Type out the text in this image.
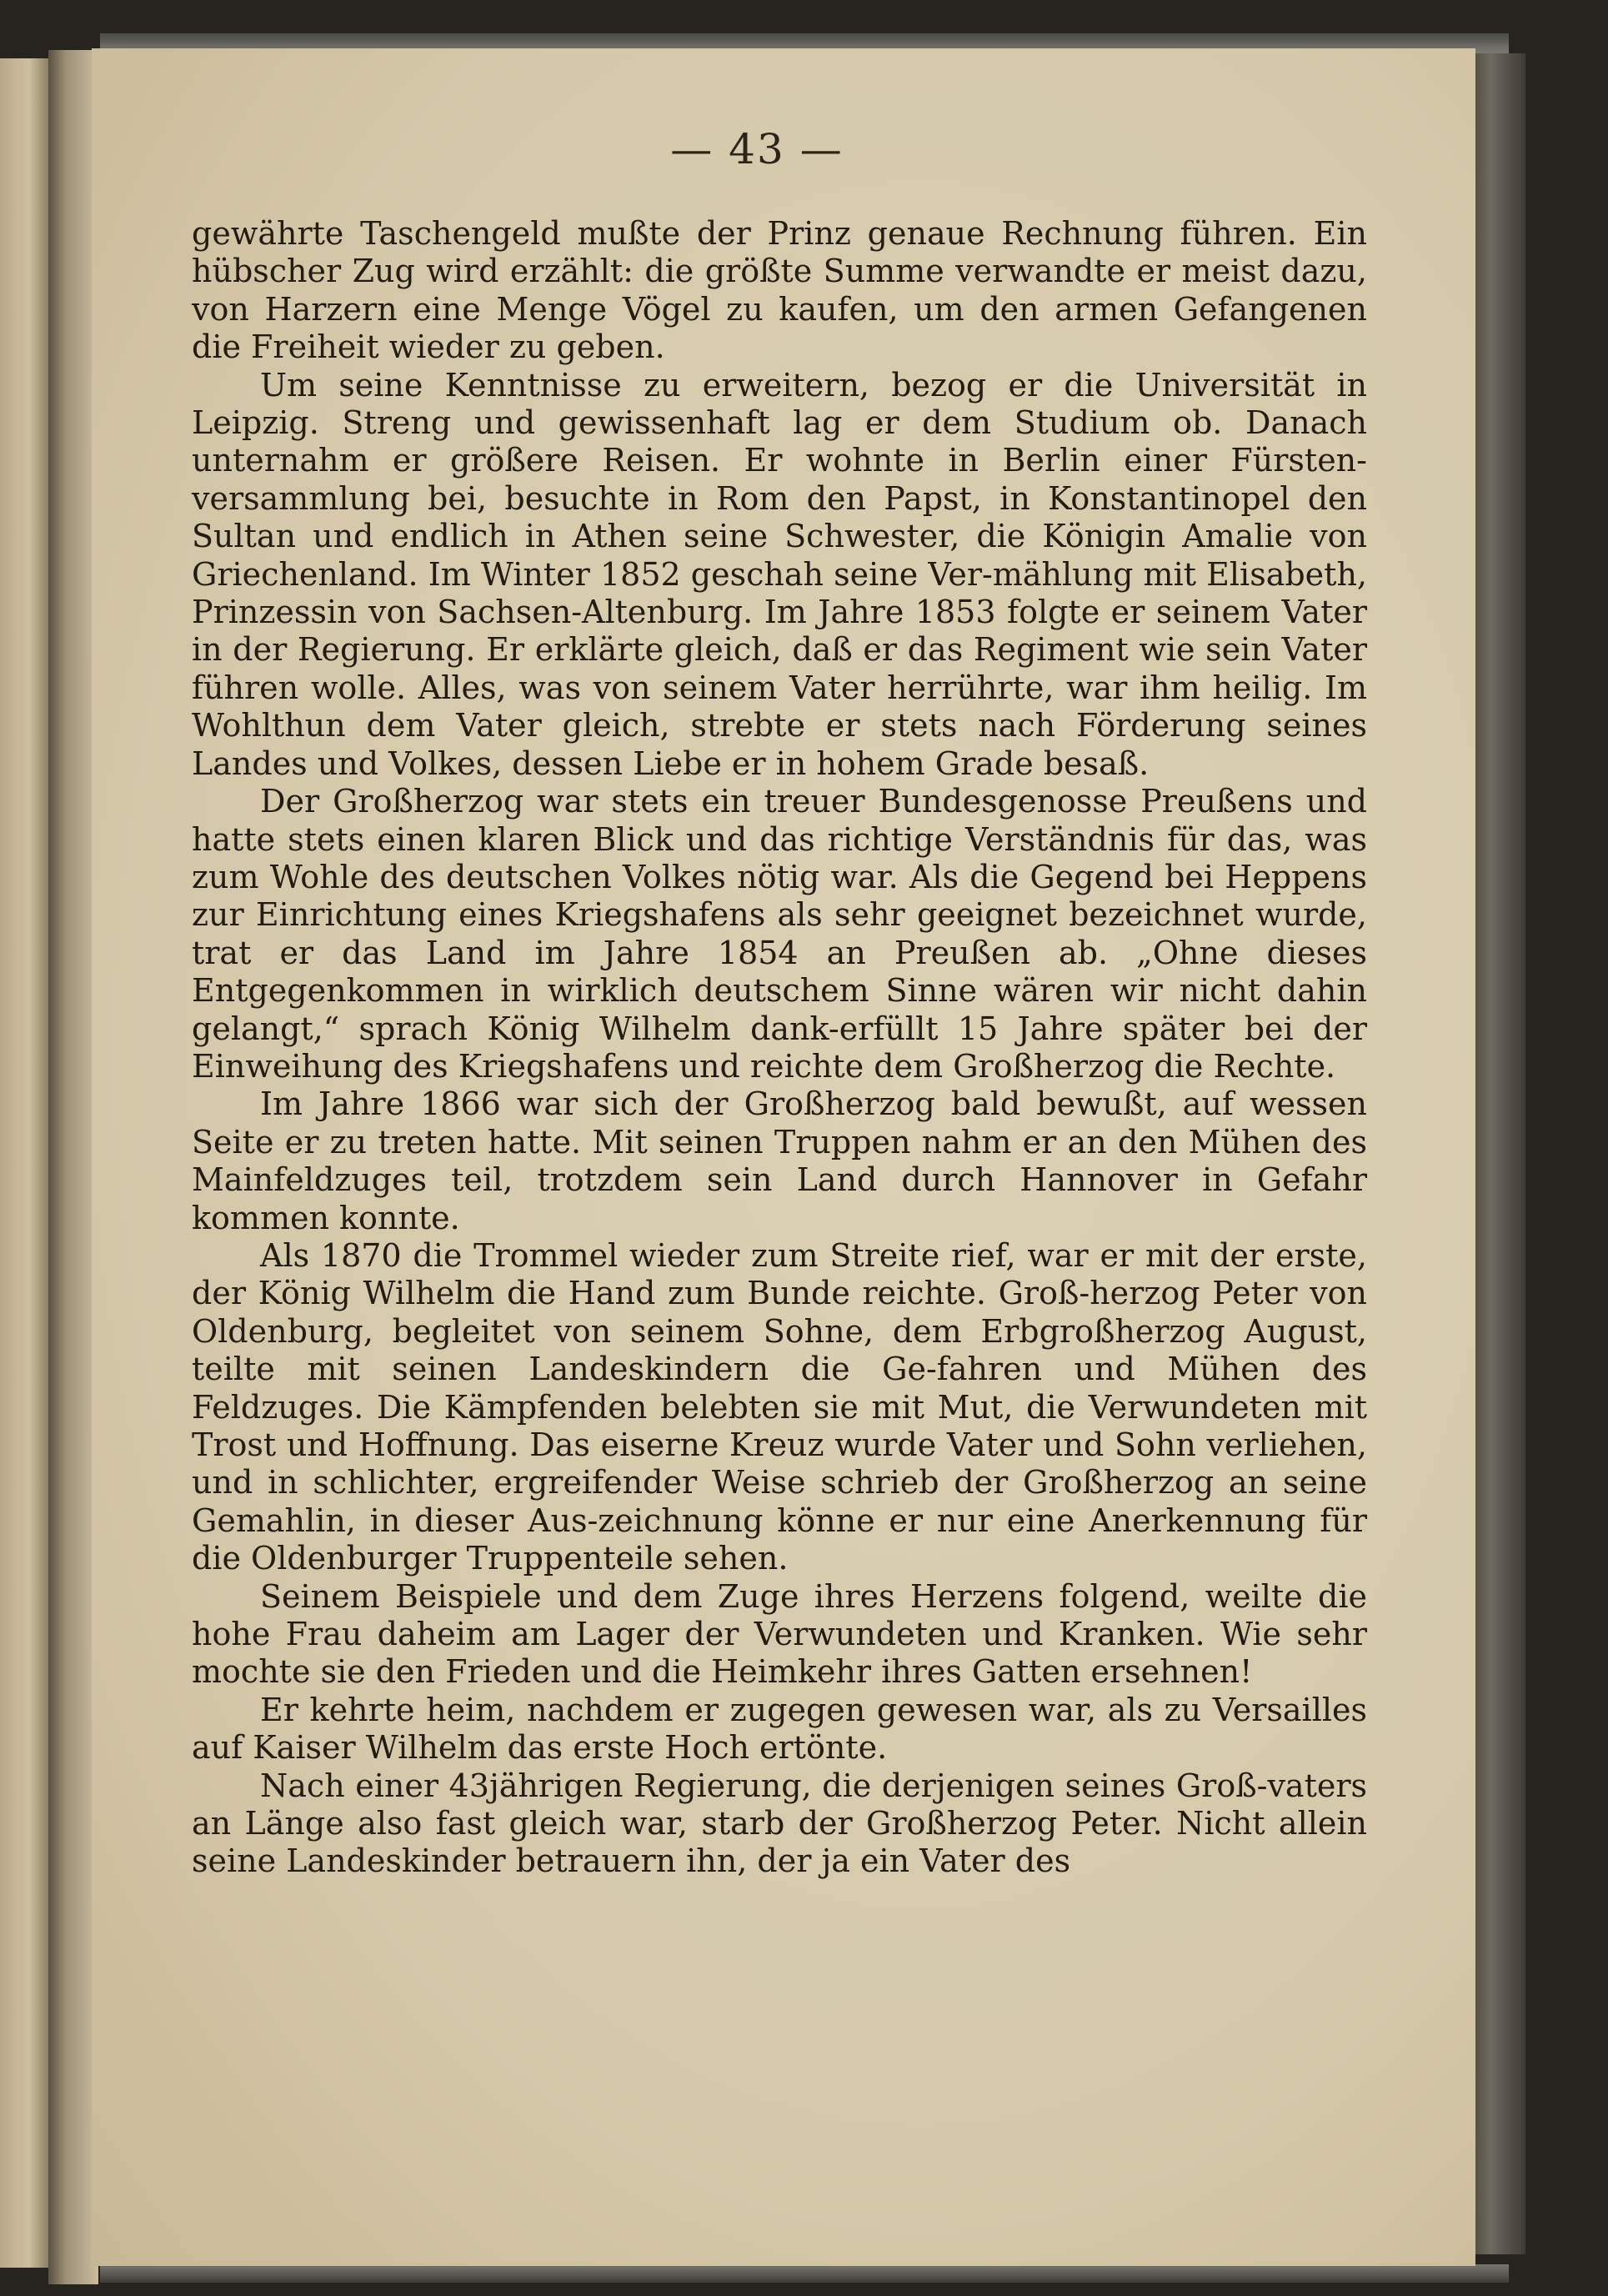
— 43 —

gewährte Taschengeld mußte der Prinz genaue Rechnung führen. Ein hübscher Zug wird erzählt: die größte Summe verwandte er meist dazu, von Harzern eine Menge Vögel zu kaufen, um den armen Gefangenen die Freiheit wieder zu geben.

Um seine Kenntnisse zu erweitern, bezog er die Universität in Leipzig. Streng und gewissenhaft lag er dem Studium ob. Danach unternahm er größere Reisen. Er wohnte in Berlin einer Fürsten-versammlung bei, besuchte in Rom den Papst, in Konstantinopel den Sultan und endlich in Athen seine Schwester, die Königin Amalie von Griechenland. Im Winter 1852 geschah seine Ver-mählung mit Elisabeth, Prinzessin von Sachsen-Altenburg. Im Jahre 1853 folgte er seinem Vater in der Regierung. Er erklärte gleich, daß er das Regiment wie sein Vater führen wolle. Alles, was von seinem Vater herrührte, war ihm heilig. Im Wohlthun dem Vater gleich, strebte er stets nach Förderung seines Landes und Volkes, dessen Liebe er in hohem Grade besaß.

Der Großherzog war stets ein treuer Bundesgenosse Preußens und hatte stets einen klaren Blick und das richtige Verständnis für das, was zum Wohle des deutschen Volkes nötig war. Als die Gegend bei Heppens zur Einrichtung eines Kriegshafens als sehr geeignet bezeichnet wurde, trat er das Land im Jahre 1854 an Preußen ab. „Ohne dieses Entgegenkommen in wirklich deutschem Sinne wären wir nicht dahin gelangt,“ sprach König Wilhelm dank-erfüllt 15 Jahre später bei der Einweihung des Kriegshafens und reichte dem Großherzog die Rechte.

Im Jahre 1866 war sich der Großherzog bald bewußt, auf wessen Seite er zu treten hatte. Mit seinen Truppen nahm er an den Mühen des Mainfeldzuges teil, trotzdem sein Land durch Hannover in Gefahr kommen konnte.

Als 1870 die Trommel wieder zum Streite rief, war er mit der erste, der König Wilhelm die Hand zum Bunde reichte. Groß-herzog Peter von Oldenburg, begleitet von seinem Sohne, dem Erbgroßherzog August, teilte mit seinen Landeskindern die Ge-fahren und Mühen des Feldzuges. Die Kämpfenden belebten sie mit Mut, die Verwundeten mit Trost und Hoffnung. Das eiserne Kreuz wurde Vater und Sohn verliehen, und in schlichter, ergreifender Weise schrieb der Großherzog an seine Gemahlin, in dieser Aus-zeichnung könne er nur eine Anerkennung für die Oldenburger Truppenteile sehen.

Seinem Beispiele und dem Zuge ihres Herzens folgend, weilte die hohe Frau daheim am Lager der Verwundeten und Kranken. Wie sehr mochte sie den Frieden und die Heimkehr ihres Gatten ersehnen!

Er kehrte heim, nachdem er zugegen gewesen war, als zu Versailles auf Kaiser Wilhelm das erste Hoch ertönte.

Nach einer 43jährigen Regierung, die derjenigen seines Groß-vaters an Länge also fast gleich war, starb der Großherzog Peter. Nicht allein seine Landeskinder betrauern ihn, der ja ein Vater des
